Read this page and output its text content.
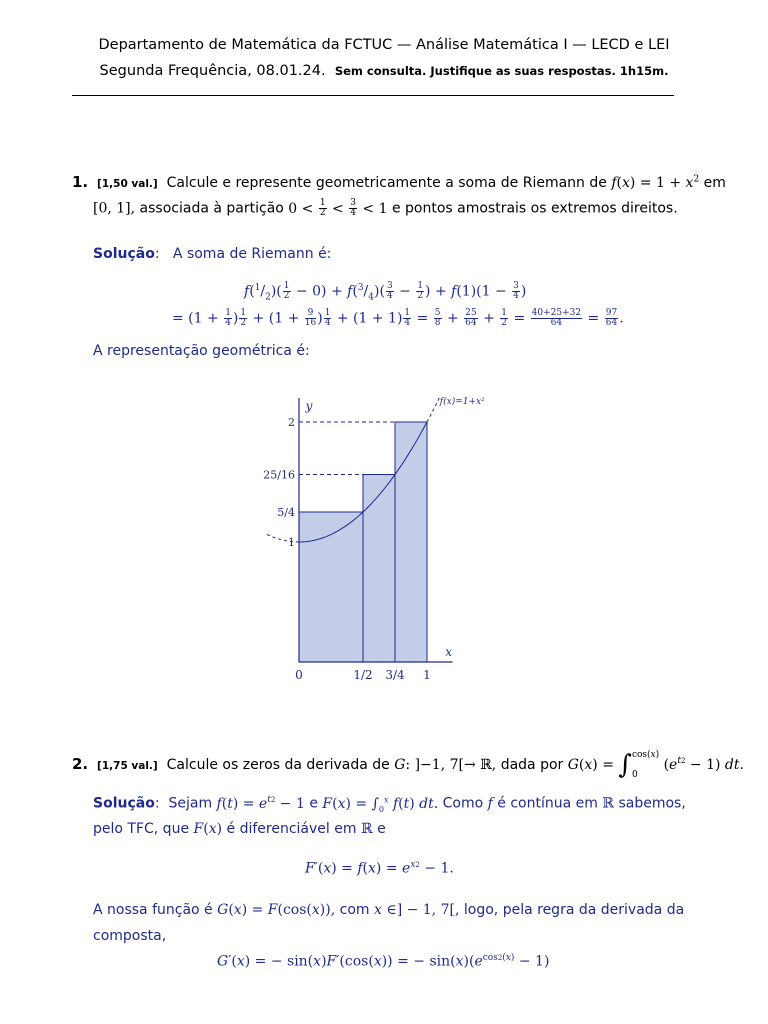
Departamento de Matemática da FCTUC — Análise Matemática I — LECD e LEI
Segunda Frequência, 08.01.24. Sem consulta. Justifique as suas respostas. 1h15m.
1. [1,50 val.] Calcule e represente geometricamente a soma de Riemann de $f(x) = 1 + x^2$ em
[0, 1], associada à partição $0 < \frac{1}{2} < \frac{3}{4} < 1$ e pontos amostrais os extremos direitos.
Solução:   A soma de Riemann é:
$f(^1/_2)( \frac{1}{2} - 0) + f(^3/_4)( \frac{3}{4} - \frac{1}{2}$ ) + $f(1)(1 - \frac{3}{4}$ )
= ($1 + \frac{1}{4}$ ) $\frac{1}{2} + (1 + \frac{9}{16}$ ) $\frac{1}{4} + (1 + 1) \frac{1}{4} = \frac{5}{8} + \frac{25}{64} + \frac{1}{2} = \frac{40+25+32}{64} = \frac{97}{64}$ .
A representação geométrica é:
0	1/2 3/4 1
1
5/4
25/16
2
x
y	f(x)=1+x²
2. [1,75 val.] Calcule os zeros da derivada de G: ]−1, 7[→ ℝ, dada por G(x) = ∫ cos(x)
0
$(e^{t2} - 1)$ dt.
Solução:  Sejam $f(t) = e^{t2} - 1$ e $F(x) = \int_0^x$ f(t) dt. Como f é contínua em ℝ sabemos,
pelo TFC, que F(x) é diferenciável em ℝ e
$F'(x) = f(x) = e^{x2} - 1$.
A nossa função é G(x) = F(cos(x)), com x ∈] − 1, 7[, logo, pela regra da derivada da
composta,
G′(x) = − sin(x)F′(cos(x)) = − $\sin(x)(e^{cos2(x)} - 1)$
